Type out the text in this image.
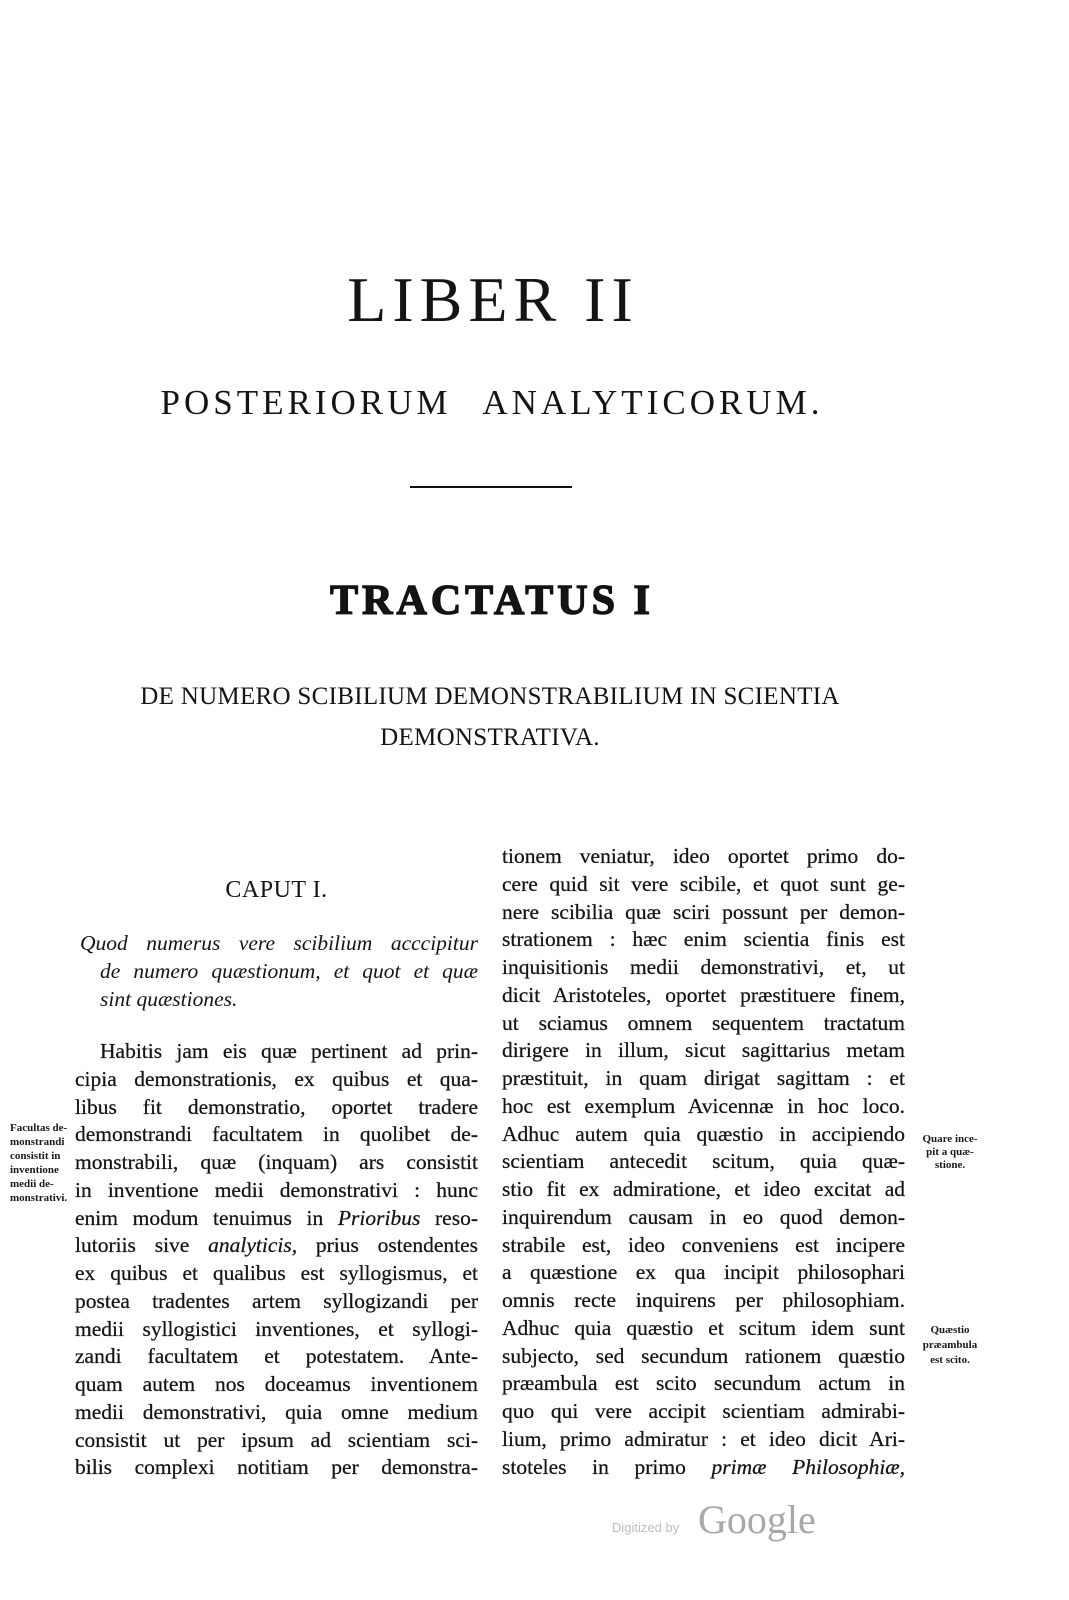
LIBER II
POSTERIORUM ANALYTICORUM.
TRACTATUS I
DE NUMERO SCIBILIUM DEMONSTRABILIUM IN SCIENTIA
DEMONSTRATIVA.
CAPUT I.
Quod numerus vere scibilium acccipitur
de numero quæstionum, et quot et quæ
sint quæstiones.
Habitis jam eis quæ pertinent ad prin-
cipia demonstrationis, ex quibus et qua-
libus fit demonstratio, oportet tradere
demonstrandi facultatem in quolibet de-
monstrabili, quæ (inquam) ars consistit
in inventione medii demonstrativi : hunc
enim modum tenuimus in Prioribus reso-
lutoriis sive analyticis, prius ostendentes
ex quibus et qualibus est syllogismus, et
postea tradentes artem syllogizandi per
medii syllogistici inventiones, et syllogi-
zandi facultatem et potestatem. Ante-
quam autem nos doceamus inventionem
medii demonstrativi, quia omne medium
consistit ut per ipsum ad scientiam sci-
bilis complexi notitiam per demonstra-
tionem veniatur, ideo oportet primo do-
cere quid sit vere scibile, et quot sunt ge-
nere scibilia quæ sciri possunt per demon-
strationem : hæc enim scientia finis est
inquisitionis medii demonstrativi, et, ut
dicit Aristoteles, oportet præstituere finem,
ut sciamus omnem sequentem tractatum
dirigere in illum, sicut sagittarius metam
præstituit, in quam dirigat sagittam : et
hoc est exemplum Avicennæ in hoc loco.
Adhuc autem quia quæstio in accipiendo
scientiam antecedit scitum, quia quæ-
stio fit ex admiratione, et ideo excitat ad
inquirendum causam in eo quod demon-
strabile est, ideo conveniens est incipere
a quæstione ex qua incipit philosophari
omnis recte inquirens per philosophiam.
Adhuc quia quæstio et scitum idem sunt
subjecto, sed secundum rationem quæstio
præambula est scito secundum actum in
quo qui vere accipit scientiam admirabi-
lium, primo admiratur : et ideo dicit Ari-
stoteles in primo primæ Philosophiæ,
Facultas de-
monstrandi
consistit in
inventione
medii de-
monstrativi.
Quare ince-
pit a quæ-
stione.
Quæstio
præambula
est scito.
Digitized by Google
